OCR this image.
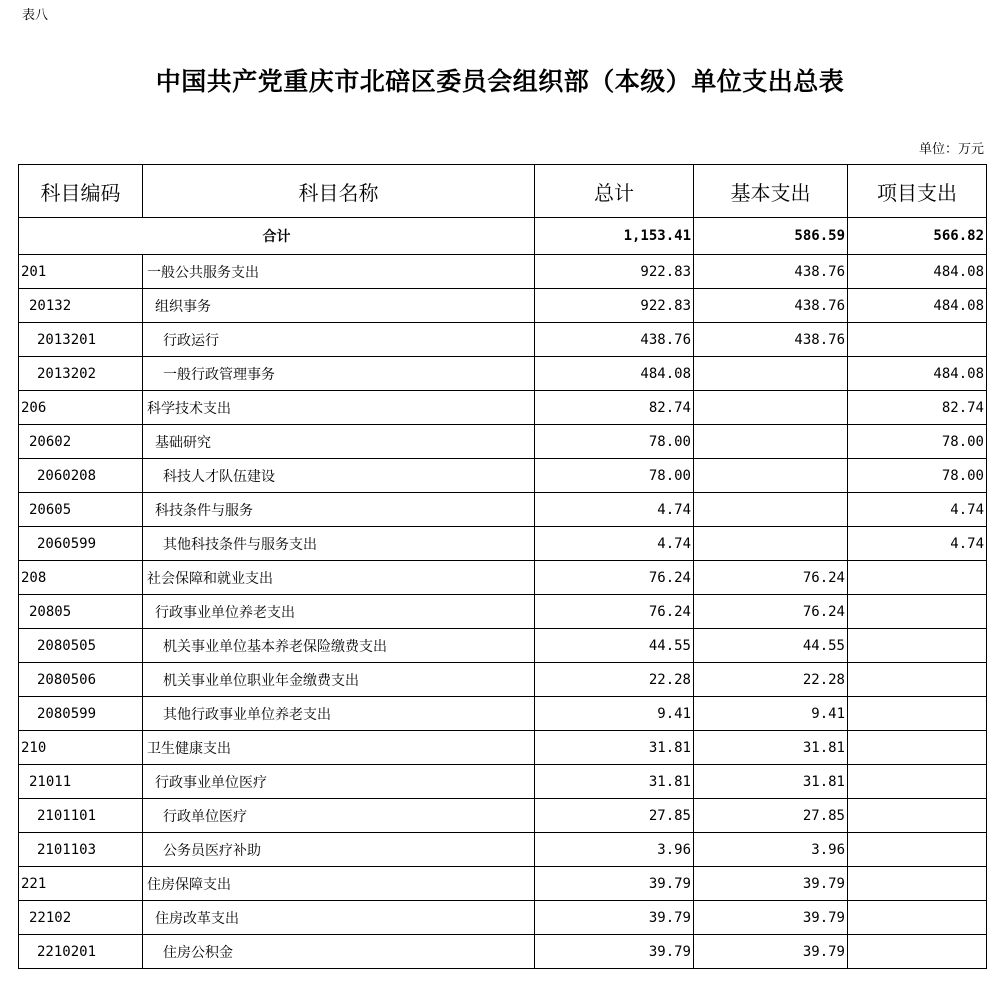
表八
中国共产党重庆市北碚区委员会组织部（本级）单位支出总表
单位：万元
科目编码	科目名称	总计	基本支出	项目支出
合计		1,153.41	586.59	566.82
201	一般公共服务支出	922.83	438.76	484.08
20132	组织事务	922.83	438.76	484.08
2013201	行政运行	438.76	438.76	
2013202	一般行政管理事务	484.08		484.08
206	科学技术支出	82.74		82.74
20602	基础研究	78.00		78.00
2060208	科技人才队伍建设	78.00		78.00
20605	科技条件与服务	4.74		4.74
2060599	其他科技条件与服务支出	4.74		4.74
208	社会保障和就业支出	76.24	76.24	
20805	行政事业单位养老支出	76.24	76.24	
2080505	机关事业单位基本养老保险缴费支出	44.55	44.55	
2080506	机关事业单位职业年金缴费支出	22.28	22.28	
2080599	其他行政事业单位养老支出	9.41	9.41	
210	卫生健康支出	31.81	31.81	
21011	行政事业单位医疗	31.81	31.81	
2101101	行政单位医疗	27.85	27.85	
2101103	公务员医疗补助	3.96	3.96	
221	住房保障支出	39.79	39.79	
22102	住房改革支出	39.79	39.79	
2210201	住房公积金	39.79	39.79	
